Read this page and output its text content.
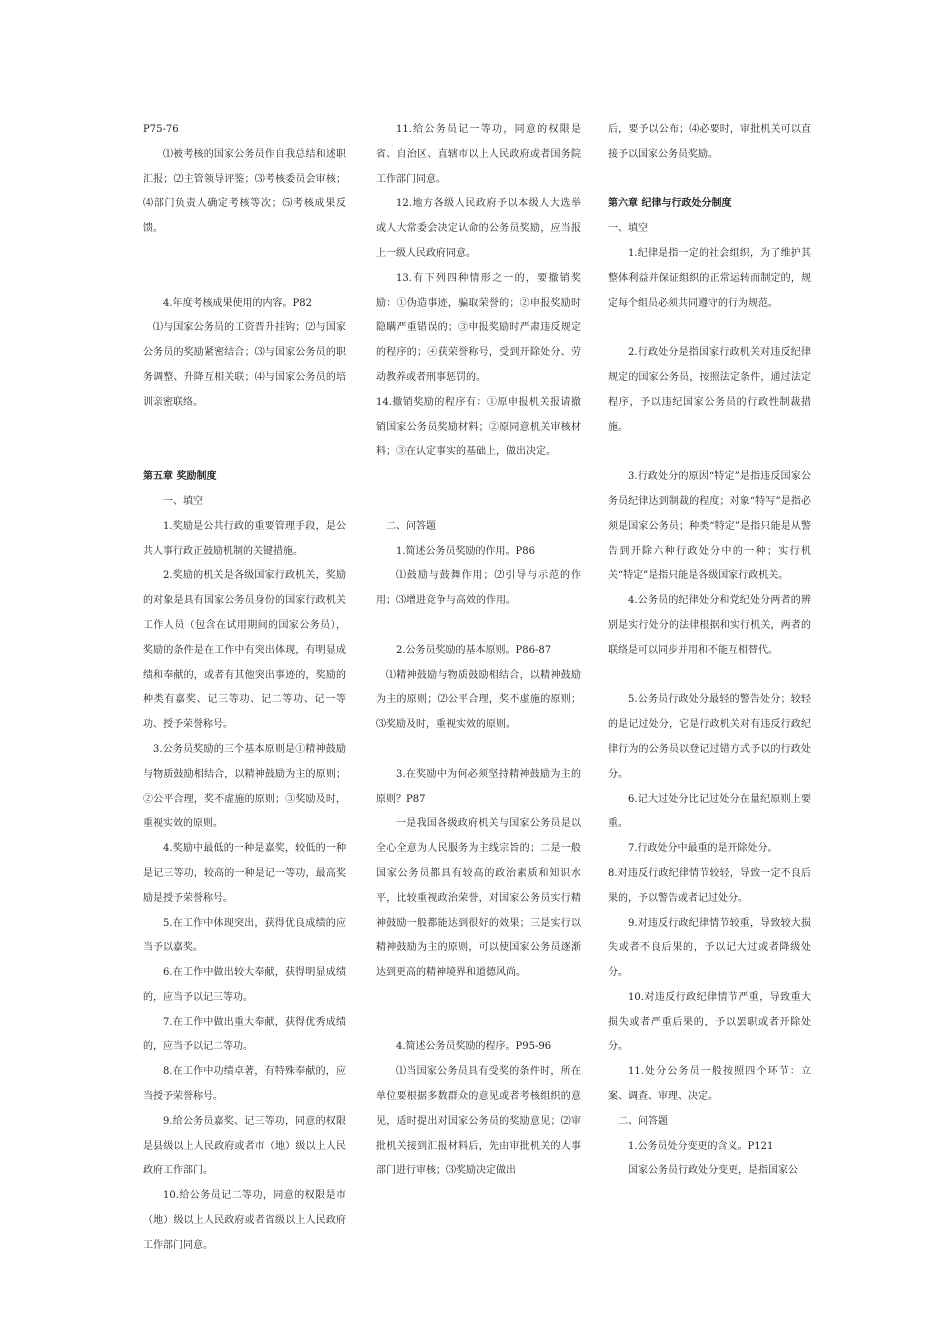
P75-76

⑴被考核的国家公务员作自我总结和述职汇报；⑵主管领导评鉴；⑶考核委员会审核；⑷部门负责人确定考核等次；⑸考核成果反馈。

4.年度考核成果使用的内容。P82

⑴与国家公务员的工资晋升挂钩；⑵与国家公务员的奖励紧密结合；⑶与国家公务员的职务调整、升降互相关联；⑷与国家公务员的培训亲密联络。

第五章 奖励制度

一、填空

1.奖励是公共行政的重要管理手段，是公共人事行政正鼓励机制的关键措施。

2.奖励的机关是各级国家行政机关，奖励的对象是具有国家公务员身份的国家行政机关工作人员（包含在试用期间的国家公务员），奖励的条件是在工作中有突出体现，有明显成绩和奉献的，或者有其他突出事迹的，奖励的种类有嘉奖、记三等功、记二等功、记一等功、授予荣誉称号。

3.公务员奖励的三个基本原则是①精神鼓励与物质鼓励相结合，以精神鼓励为主的原则；②公平合理，奖不虚施的原则；③奖励及时，重视实效的原则。

4.奖励中最低的一种是嘉奖，较低的一种是记三等功，较高的一种是记一等功，最高奖励是授予荣誉称号。

5.在工作中体现突出，获得优良成绩的应当予以嘉奖。

6.在工作中做出较大奉献，获得明显成绩的，应当予以记三等功。

7.在工作中做出重大奉献，获得优秀成绩的，应当予以记二等功。

8.在工作中功绩卓著，有特殊奉献的，应当授予荣誉称号。

9.给公务员嘉奖、记三等功，同意的权限是县级以上人民政府或者市（地）级以上人民政府工作部门。

10.给公务员记二等功，同意的权限是市（地）级以上人民政府或者省级以上人民政府工作部门同意。

11.给公务员记一等功，同意的权限是省、自治区、直辖市以上人民政府或者国务院工作部门同意。

12.地方各级人民政府予以本级人大选举或人大常委会决定认命的公务员奖励，应当报上一级人民政府同意。

13.有下列四种情形之一的，要撤销奖励：①伪造事迹，骗取荣誉的；②申报奖励时隐瞒严重错误的；③申报奖励时严肃违反规定的程序的；④获荣誉称号，受到开除处分、劳动教养或者刑事惩罚的。

14.撤销奖励的程序有：①原申报机关报请撤销国家公务员奖励材料；②原同意机关审核材料；③在认定事实的基础上，做出决定。

二、问答题

1.简述公务员奖励的作用。P86

⑴鼓励与鼓舞作用；⑵引导与示范的作用；⑶增进竞争与高效的作用。

2.公务员奖励的基本原则。P86-87

⑴精神鼓励与物质鼓励相结合，以精神鼓励为主的原则；⑵公平合理，奖不虚施的原则；⑶奖励及时，重视实效的原则。

3.在奖励中为何必须坚持精神鼓励为主的原则？P87

一是我国各级政府机关与国家公务员是以全心全意为人民服务为主线宗旨的；二是一般国家公务员都具有较高的政治素质和知识水平，比较重视政治荣誉，对国家公务员实行精神鼓励一般都能达到很好的效果；三是实行以精神鼓励为主的原则，可以使国家公务员逐渐达到更高的精神境界和道德风尚。

4.简述公务员奖励的程序。P95-96

⑴当国家公务员具有受奖的条件时，所在单位要根据多数群众的意见或者考核组织的意见，适时提出对国家公务员的奖励意见；⑵审批机关接到汇报材料后，先由审批机关的人事部门进行审核；⑶奖励决定做出

后，要予以公布；⑷必要时，审批机关可以直接予以国家公务员奖励。

第六章 纪律与行政处分制度

一、填空

1.纪律是指一定的社会组织，为了维护其整体利益并保证组织的正常运转而制定的，规定每个组员必须共同遵守的行为规范。

2.行政处分是指国家行政机关对违反纪律规定的国家公务员，按照法定条件，通过法定程序，予以违纪国家公务员的行政性制裁措施。

3.行政处分的原因“特定”是指违反国家公务员纪律达到制裁的程度；对象“特写”是指必须是国家公务员；种类“特定”是指只能是从警告到开除六种行政处分中的一种；实行机关“特定”是指只能是各级国家行政机关。

4.公务员的纪律处分和党纪处分两者的辨别是实行处分的法律根据和实行机关，两者的联络是可以同步并用和不能互相替代。

5.公务员行政处分最轻的警告处分；较轻的是记过处分，它是行政机关对有违反行政纪律行为的公务员以登记过错方式予以的行政处分。

6.记大过处分比记过处分在量纪原则上要重。

7.行政处分中最重的是开除处分。

8.对违反行政纪律情节较轻，导致一定不良后果的，予以警告或者记过处分。

9.对违反行政纪律情节较重，导致较大损失或者不良后果的，予以记大过或者降级处分。

10.对违反行政纪律情节严重，导致重大损失或者严重后果的，予以罢职或者开除处分。

11.处分公务员一般按照四个环节：立案、调查、审理、决定。

二、问答题

1.公务员处分变更的含义。P121

国家公务员行政处分变更，是指国家公
